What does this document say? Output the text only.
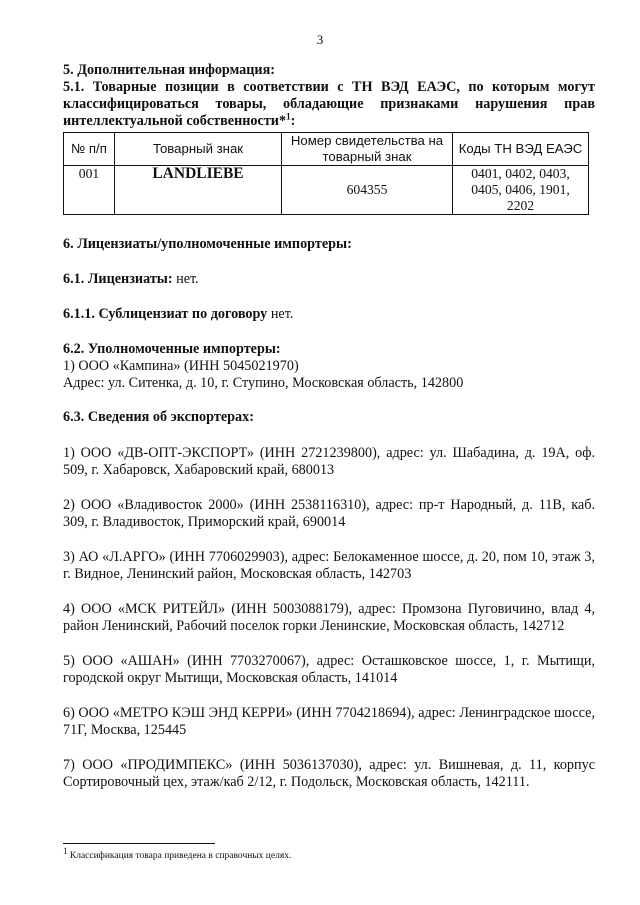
3

5. Дополнительная информация:

5.1. Товарные позиции в соответствии с ТН ВЭД ЕАЭС, по которым могут классифицироваться товары, обладающие признаками нарушения прав интеллектуальной собственности*$^1$:

№ п/п	Товарный знак	Номер свидетельства на товарный знак	Коды ТН ВЭД ЕАЭС
001	LANDLIEBE	604355	0401, 0402, 0403, 0405, 0406, 1901, 2202

6. Лицензиаты/уполномоченные импортеры:

6.1. Лицензиаты: нет.

6.1.1. Сублицензиат по договору нет.

6.2. Уполномоченные импортеры:

1) ООО «Кампина» (ИНН 5045021970)

Адрес: ул. Ситенка, д. 10, г. Ступино, Московская область, 142800

6.3. Сведения об экспортерах:

1) ООО «ДВ-ОПТ-ЭКСПОРТ» (ИНН 2721239800), адрес: ул. Шабадина, д. 19А, оф. 509, г. Хабаровск, Хабаровский край, 680013

2) ООО «Владивосток 2000» (ИНН 2538116310), адрес: пр-т Народный, д. 11В, каб. 309, г. Владивосток, Приморский край, 690014

3) АО «Л.АРГО» (ИНН 7706029903), адрес: Белокаменное шоссе, д. 20, пом 10, этаж 3, г. Видное, Ленинский район, Московская область, 142703

4) ООО «МСК РИТЕЙЛ» (ИНН 5003088179), адрес: Промзона Пуговичино, влад 4, район Ленинский, Рабочий поселок горки Ленинские, Московская область, 142712

5) ООО «АШАН» (ИНН 7703270067), адрес: Осташковское шоссе, 1, г. Мытищи, городской округ Мытищи, Московская область, 141014

6) ООО «МЕТРО КЭШ ЭНД КЕРРИ» (ИНН 7704218694), адрес: Ленинградское шоссе, 71Г, Москва, 125445

7) ООО «ПРОДИМПЕКС» (ИНН 5036137030), адрес: ул. Вишневая, д. 11, корпус Сортировочный цех, этаж/каб 2/12, г. Подольск, Московская область, 142111.

$^1$ Классификация товара приведена в справочных целях.
